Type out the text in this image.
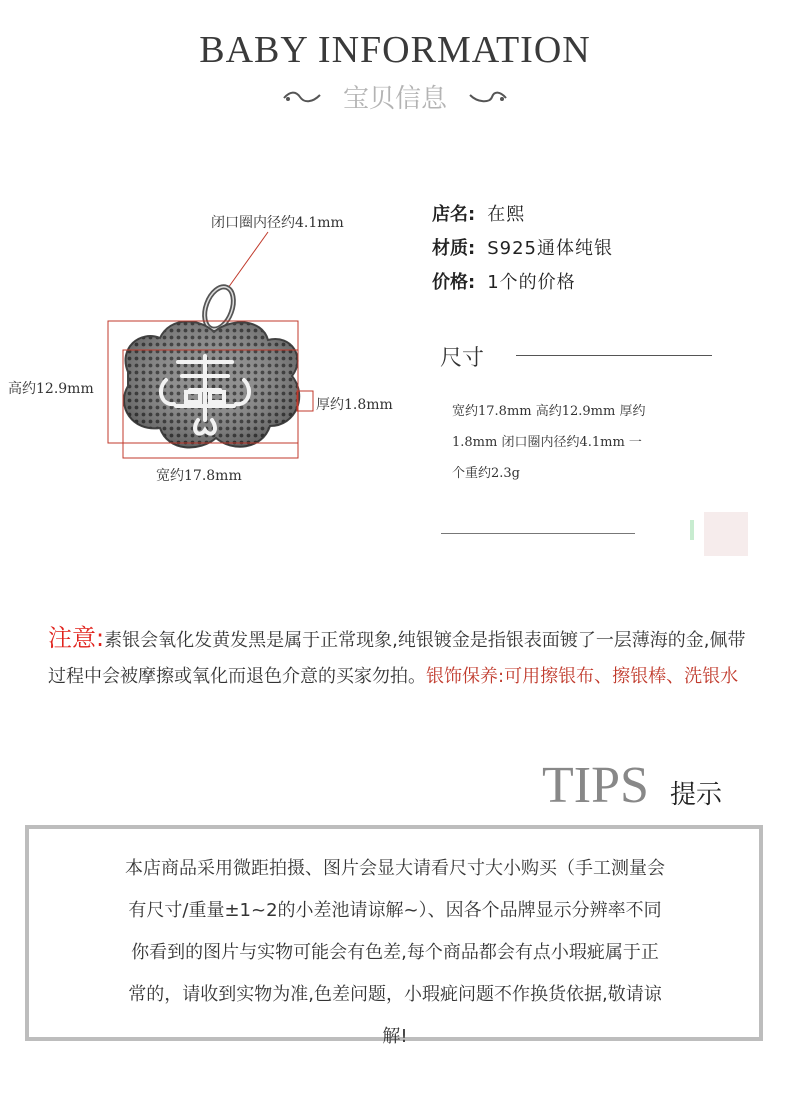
BABY INFORMATION
宝贝信息
闭口圈内径约4.1mm
高约12.9mm
厚约1.8mm
宽约17.8mm
店名: 在熙
材质: S925通体纯银
价格: 1个的价格
尺寸
宽约17.8mm 高约12.9mm 厚约
1.8mm 闭口圈内径约4.1mm 一
个重约2.3g
注意:素银会氧化发黄发黑是属于正常现象,纯银镀金是指银表面镀了一层薄海的金,佩带过程中会被摩擦或氧化而退色介意的买家勿拍。银饰保养:可用擦银布、擦银棒、洗银水
TIPS 提示
本店商品采用微距拍摄、图片会显大请看尺寸大小购买（手工测量会
有尺寸/重量±1~2的小差池请谅解~）、因各个品牌显示分辨率不同
你看到的图片与实物可能会有色差,每个商品都会有点小瑕疵属于正
常的，请收到实物为准,色差问题，小瑕疵问题不作换货依据,敬请谅
解!
